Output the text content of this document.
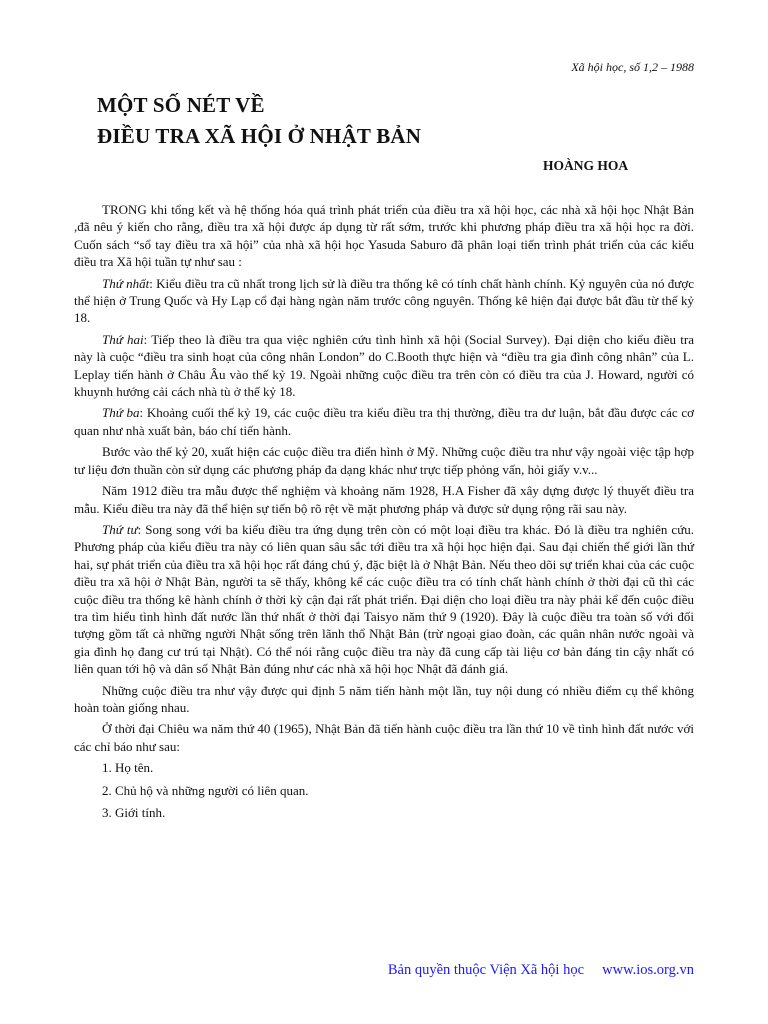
Xã hội học, số 1,2 – 1988
MỘT SỐ NÉT VỀ
ĐIỀU TRA XÃ HỘI Ở NHẬT BẢN
HOÀNG HOA

TRONG khi tổng kết và hệ thống hóa quá trình phát triển của điều tra xã hội học, các nhà xã hội học Nhật Bản ,đã nêu ý kiến cho rằng, điều tra xã hội được áp dụng từ rất sớm, trước khi phương pháp điều tra xã hội học ra đời. Cuốn sách “sổ tay điều tra xã hội” của nhà xã hội học Yasuda Saburo đã phân loại tiến trình phát triển của các kiểu điều tra Xã hội tuần tự như sau :

Thứ nhất: Kiểu điều tra cũ nhất trong lịch sử là điều tra thống kê có tính chất hành chính. Kỷ nguyên của nó được thể hiện ở Trung Quốc và Hy Lạp cổ đại hàng ngàn năm trước công nguyên. Thống kê hiện đại được bắt đầu từ thế kỷ 18.

Thứ hai: Tiếp theo là điều tra qua việc nghiên cứu tình hình xã hội (Social Survey). Đại diện cho kiểu điều tra này là cuộc “điều tra sinh hoạt của công nhân London” do C.Booth thực hiện và “điều tra gia đình công nhân” của L. Leplay tiến hành ở Châu Âu vào thế kỷ 19. Ngoài những cuộc điều tra trên còn có điều tra của J. Howard, người có khuynh hướng cải cách nhà tù ở thế kỷ 18.

Thứ ba: Khoảng cuối thế kỷ 19, các cuộc điều tra kiểu điều tra thị thường, điều tra dư luận, bắt đầu được các cơ quan như nhà xuất bản, báo chí tiến hành.

Bước vào thế kỷ 20, xuất hiện các cuộc điều tra điển hình ở Mỹ. Những cuộc điều tra như vậy ngoài việc tập hợp tư liệu đơn thuần còn sử dụng các phương pháp đa dạng khác như trực tiếp phỏng vấn, hỏi giấy v.v...

Năm 1912 điều tra mẫu được thể nghiệm và khoảng năm 1928, H.A Fisher đã xây dựng được lý thuyết điều tra mẫu. Kiểu điều tra này đã thể hiện sự tiến bộ rõ rệt về mặt phương pháp và được sử dụng rộng rãi sau này.

Thứ tư: Song song với ba kiểu điều tra ứng dụng trên còn có một loại điều tra khác. Đó là điều tra nghiên cứu. Phương pháp của kiểu điều tra này có liên quan sâu sắc tới điều tra xã hội học hiện đại. Sau đại chiến thế giới lần thứ hai, sự phát triển của điều tra xã hội học rất đáng chú ý, đặc biệt là ở Nhật Bản. Nếu theo dõi sự triển khai của các cuộc điều tra xã hội ở Nhật Bản, người ta sẽ thấy, không kể các cuộc điều tra có tính chất hành chính ở thời đại cũ thì các cuộc điều tra thống kê hành chính ở thời kỳ cận đại rất phát triển. Đại diện cho loại điều tra này phải kể đến cuộc điều tra tìm hiểu tình hình đất nước lần thứ nhất ở thời đại Taisyo năm thứ 9 (1920). Đây là cuộc điều tra toàn số với đối tượng gồm tất cả những người Nhật sống trên lãnh thổ Nhật Bản (trừ ngoại giao đoàn, các quân nhân nước ngoài và gia đình họ đang cư trú tại Nhật). Có thể nói rằng cuộc điều tra này đã cung cấp tài liệu cơ bản đáng tin cậy nhất có liên quan tới hộ và dân số Nhật Bản đúng như các nhà xã hội học Nhật đã đánh giá.

Những cuộc điều tra như vậy được qui định 5 năm tiến hành một lần, tuy nội dung có nhiều điểm cụ thể không hoàn toàn giống nhau.

Ở thời đại Chiêu wa năm thứ 40 (1965), Nhật Bản đã tiến hành cuộc điều tra lần thứ 10 về tình hình đất nước với các chỉ báo như sau:

1. Họ tên.

2. Chủ hộ và những người có liên quan.

3. Giới tính.

Bản quyền thuộc Viện Xã hội học     www.ios.org.vn
